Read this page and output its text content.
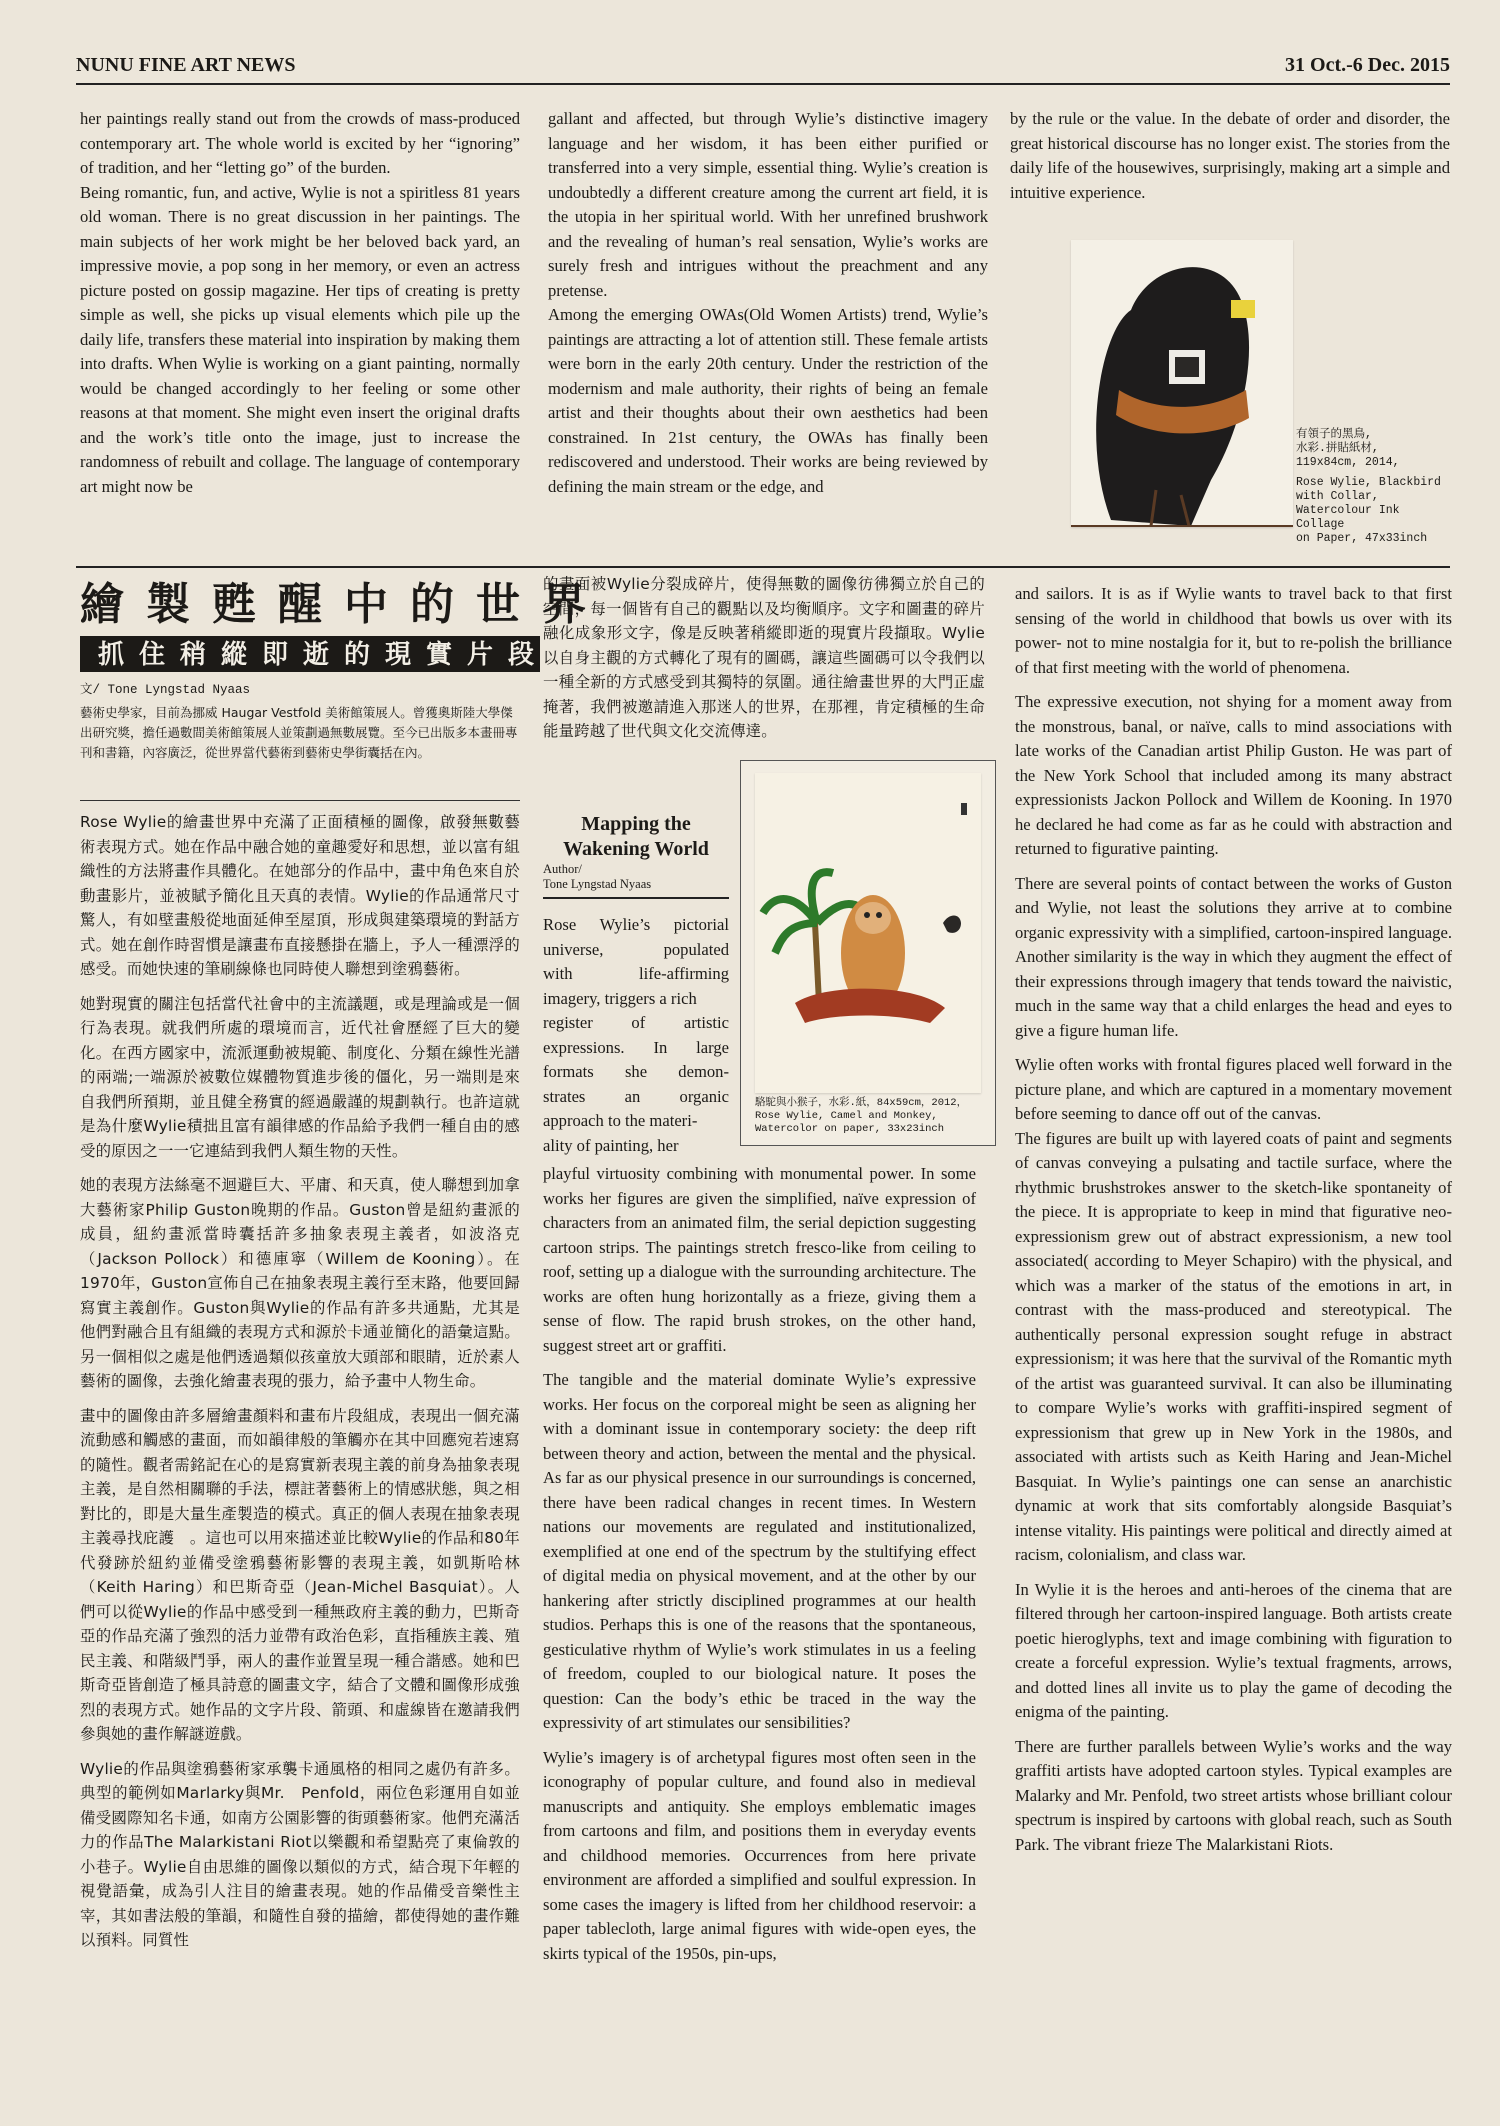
NUNU FINE ART NEWS	31 Oct.-6 Dec. 2015
her paintings really stand out from the crowds of mass-produced contemporary art. The whole world is excited by her “ignoring” of tradition, and her “letting go” of the burden.
Being romantic, fun, and active, Wylie is not a spiritless 81 years old woman. There is no great discussion in her paintings. The main subjects of her work might be her beloved back yard, an impressive movie, a pop song in her memory, or even an actress picture posted on gossip magazine. Her tips of creating is pretty simple as well, she picks up visual elements which pile up the daily life, transfers these material into inspiration by making them into drafts. When Wylie is working on a giant painting, normally would be changed accordingly to her feeling or some other reasons at that moment. She might even insert the original drafts and the work’s title onto the image, just to increase the randomness of rebuilt and collage. The language of contemporary art might now be
gallant and affected, but through Wylie’s distinctive imagery language and her wisdom, it has been either purified or transferred into a very simple, essential thing. Wylie’s creation is undoubtedly a different creature among the current art field, it is the utopia in her spiritual world. With her unrefined brushwork and the revealing of human’s real sensation, Wylie’s works are surely fresh and intrigues without the preachment and any pretense.
Among the emerging OWAs(Old Women Artists) trend, Wylie’s paintings are attracting a lot of attention still. These female artists were born in the early 20th century. Under the restriction of the modernism and male authority, their rights of being an female artist and their thoughts about their own aesthetics had been constrained. In 21st century, the OWAs has finally been rediscovered and understood. Their works are being reviewed by defining the main stream or the edge, and
by the rule or the value. In the debate of order and disorder, the great historical discourse has no longer exist. The stories from the daily life of the housewives, surprisingly, making art a simple and intuitive experience.
有領子的黑鳥,
水彩.拼貼紙材,
119x84cm, 2014,
Rose Wylie, Blackbird
with Collar,
Watercolour Ink Collage
on Paper, 47x33inch
繪製甦醒中的世界
抓住稍縱即逝的現實片段
文/ Tone Lyngstad Nyaas
藝術史學家，目前為挪威 Haugar Vestfold 美術館策展人。曾獲奧斯陸大學傑出研究獎，擔任過數間美術館策展人並策劃過無數展覽。至今已出版多本畫冊專刊和書籍，內容廣泛，從世界當代藝術到藝術史學街囊括在內。
Rose Wylie的繪畫世界中充滿了正面積極的圖像，啟發無數藝術表現方式。她在作品中融合她的童趣愛好和思想，並以富有組織性的方法將畫作具體化。在她部分的作品中，畫中角色來自於動畫影片，並被賦予簡化且天真的表情。Wylie的作品通常尺寸驚人，有如壁畫般從地面延伸至屋頂，形成與建築環境的對話方式。她在創作時習慣是讓畫布直接懸掛在牆上，予人一種漂浮的感受。而她快速的筆刷線條也同時使人聯想到塗鴉藝術。
她對現實的關注包括當代社會中的主流議題，或是理論或是一個行為表現。就我們所處的環境而言，近代社會歷經了巨大的變化。在西方國家中，流派運動被規範、制度化、分類在線性光譜的兩端;一端源於被數位媒體物質進步後的僵化，另一端則是來自我們所預期，並且健全務實的經過嚴謹的規劃執行。也許這就是為什麼Wylie積拙且富有韻律感的作品給予我們一種自由的感受的原因之一一它連結到我們人類生物的天性。
她的表現方法絲毫不迴避巨大、平庸、和天真，使人聯想到加拿大藝術家Philip Guston晚期的作品。Guston曾是紐約畫派的成員，紐約畫派當時囊括許多抽象表現主義者，如波洛克（Jackson Pollock）和德庫寧（Willem de Kooning）。在1970年，Guston宣佈自己在抽象表現主義行至末路，他要回歸寫實主義創作。Guston與Wylie的作品有許多共通點，尤其是他們對融合且有組織的表現方式和源於卡通並簡化的語彙這點。另一個相似之處是他們透過類似孩童放大頭部和眼睛，近於素人藝術的圖像，去強化繪畫表現的張力，給予畫中人物生命。
畫中的圖像由許多層繪畫顏料和畫布片段組成，表現出一個充滿流動感和觸感的畫面，而如韻律般的筆觸亦在其中回應宛若速寫的隨性。觀者需銘記在心的是寫實新表現主義的前身為抽象表現主義，是自然相關聯的手法，標註著藝術上的情感狀態，與之相對比的，即是大量生產製造的模式。真正的個人表現在抽象表現主義尋找庇護　。這也可以用來描述並比較Wylie的作品和80年代發跡於紐約並備受塗鴉藝術影響的表現主義，如凱斯哈林（Keith Haring）和巴斯奇亞（Jean-Michel Basquiat）。人們可以從Wylie的作品中感受到一種無政府主義的動力，巴斯奇亞的作品充滿了強烈的活力並帶有政治色彩，直指種族主義、殖民主義、和階級鬥爭，兩人的畫作並置呈現一種合諧感。她和巴斯奇亞皆創造了極具詩意的圖畫文字，結合了文體和圖像形成強烈的表現方式。她作品的文字片段、箭頭、和虛線皆在邀請我們參與她的畫作解謎遊戲。
Wylie的作品與塗鴉藝術家承襲卡通風格的相同之處仍有許多。典型的範例如Marlarky與Mr.　Penfold，兩位色彩運用自如並備受國際知名卡通，如南方公園影響的街頭藝術家。他們充滿活力的作品The Malarkistani Riot以樂觀和希望點亮了東倫敦的小巷子。Wylie自由思維的圖像以類似的方式，結合現下年輕的視覺語彙，成為引人注目的繪畫表現。她的作品備受音樂性主宰，其如書法般的筆韻，和隨性自發的描繪，都使得她的畫作難以預料。同質性
的畫面被Wylie分裂成碎片，使得無數的圖像彷彿獨立於自己的空間，每一個皆有自己的觀點以及均衡順序。文字和圖畫的碎片融化成象形文字，像是反映著稍縱即逝的現實片段擷取。Wylie以自身主觀的方式轉化了現有的圖碼，讓這些圖碼可以令我們以一種全新的方式感受到其獨特的氛圍。通往繪畫世界的大門正虛掩著，我們被邀請進入那迷人的世界，在那裡，肯定積極的生命能量跨越了世代與文化交流傳達。
Mapping the
Wakening World
Author/
Tone Lyngstad Nyaas
Rose Wylie’s pictorial
universe,	populated
with	life-affirming
imagery, triggers a rich
register of artistic
expressions. In large
formats she demon-
strates an organic
approach to the materi-
ality of painting, her
駱駝與小猴子，水彩.紙，84x59cm，2012，
Rose Wylie, Camel and Monkey,
Watercolor on paper, 33x23inch
playful virtuosity combining with monumental power. In some works her figures are given the simplified, naïve expression of characters from an animated film, the serial depiction suggesting cartoon strips. The paintings stretch fresco-like from ceiling to roof, setting up a dialogue with the surrounding architecture. The works are often hung horizontally as a frieze, giving them a sense of flow. The rapid brush strokes, on the other hand, suggest street art or graffiti.
The tangible and the material dominate Wylie’s expressive works. Her focus on the corporeal might be seen as aligning her with a dominant issue in contemporary society: the deep rift between theory and action, between the mental and the physical. As far as our physical presence in our surroundings is concerned, there have been radical changes in recent times. In Western nations our movements are regulated and institutionalized, exemplified at one end of the spectrum by the stultifying effect of digital media on physical movement, and at the other by our hankering after strictly disciplined programmes at our health studios. Perhaps this is one of the reasons that the spontaneous, gesticulative rhythm of Wylie’s work stimulates in us a feeling of freedom, coupled to our biological nature. It poses the question: Can the body’s ethic be traced in the way the expressivity of art stimulates our sensibilities?
Wylie’s imagery is of archetypal figures most often seen in the iconography of popular culture, and found also in medieval manuscripts and antiquity. She employs emblematic images from cartoons and film, and positions them in everyday events and childhood memories. Occurrences from here private environment are afforded a simplified and soulful expression. In some cases the imagery is lifted from her childhood reservoir: a paper tablecloth, large animal figures with wide-open eyes, the skirts typical of the 1950s, pin-ups,
and sailors. It is as if Wylie wants to travel back to that first sensing of the world in childhood that bowls us over with its power- not to mine nostalgia for it, but to re-polish the brilliance of that first meeting with the world of phenomena.
The expressive execution, not shying for a moment away from the monstrous, banal, or naïve, calls to mind associations with late works of the Canadian artist Philip Guston. He was part of the New York School that included among its many abstract expressionists Jackon Pollock and Willem de Kooning. In 1970 he declared he had come as far as he could with abstraction and returned to figurative painting.
There are several points of contact between the works of Guston and Wylie, not least the solutions they arrive at to combine organic expressivity with a simplified, cartoon-inspired language. Another similarity is the way in which they augment the effect of their expressions through imagery that tends toward the naivistic, much in the same way that a child enlarges the head and eyes to give a figure human life.
Wylie often works with frontal figures placed well forward in the picture plane, and which are captured in a momentary movement before seeming to dance off out of the canvas.
The figures are built up with layered coats of paint and segments of canvas conveying a pulsating and tactile surface, where the rhythmic brushstrokes answer to the sketch-like spontaneity of the piece. It is appropriate to keep in mind that figurative neo-expressionism grew out of abstract expressionism, a new tool associated( according to Meyer Schapiro) with the physical, and which was a marker of the status of the emotions in art, in contrast with the mass-produced and stereotypical. The authentically personal expression sought refuge in abstract expressionism; it was here that the survival of the Romantic myth of the artist was guaranteed survival. It can also be illuminating to compare Wylie’s works with graffiti-inspired segment of expressionism that grew up in New York in the 1980s, and associated with artists such as Keith Haring and Jean-Michel Basquiat. In Wylie’s paintings one can sense an anarchistic dynamic at work that sits comfortably alongside Basquiat’s intense vitality. His paintings were political and directly aimed at racism, colonialism, and class war.
In Wylie it is the heroes and anti-heroes of the cinema that are filtered through her cartoon-inspired language. Both artists create poetic hieroglyphs, text and image combining with figuration to create a forceful expression. Wylie’s textual fragments, arrows, and dotted lines all invite us to play the game of decoding the enigma of the painting.
There are further parallels between Wylie’s works and the way graffiti artists have adopted cartoon styles. Typical examples are Malarky and Mr. Penfold, two street artists whose brilliant colour spectrum is inspired by cartoons with global reach, such as South Park. The vibrant frieze The Malarkistani Riots.
